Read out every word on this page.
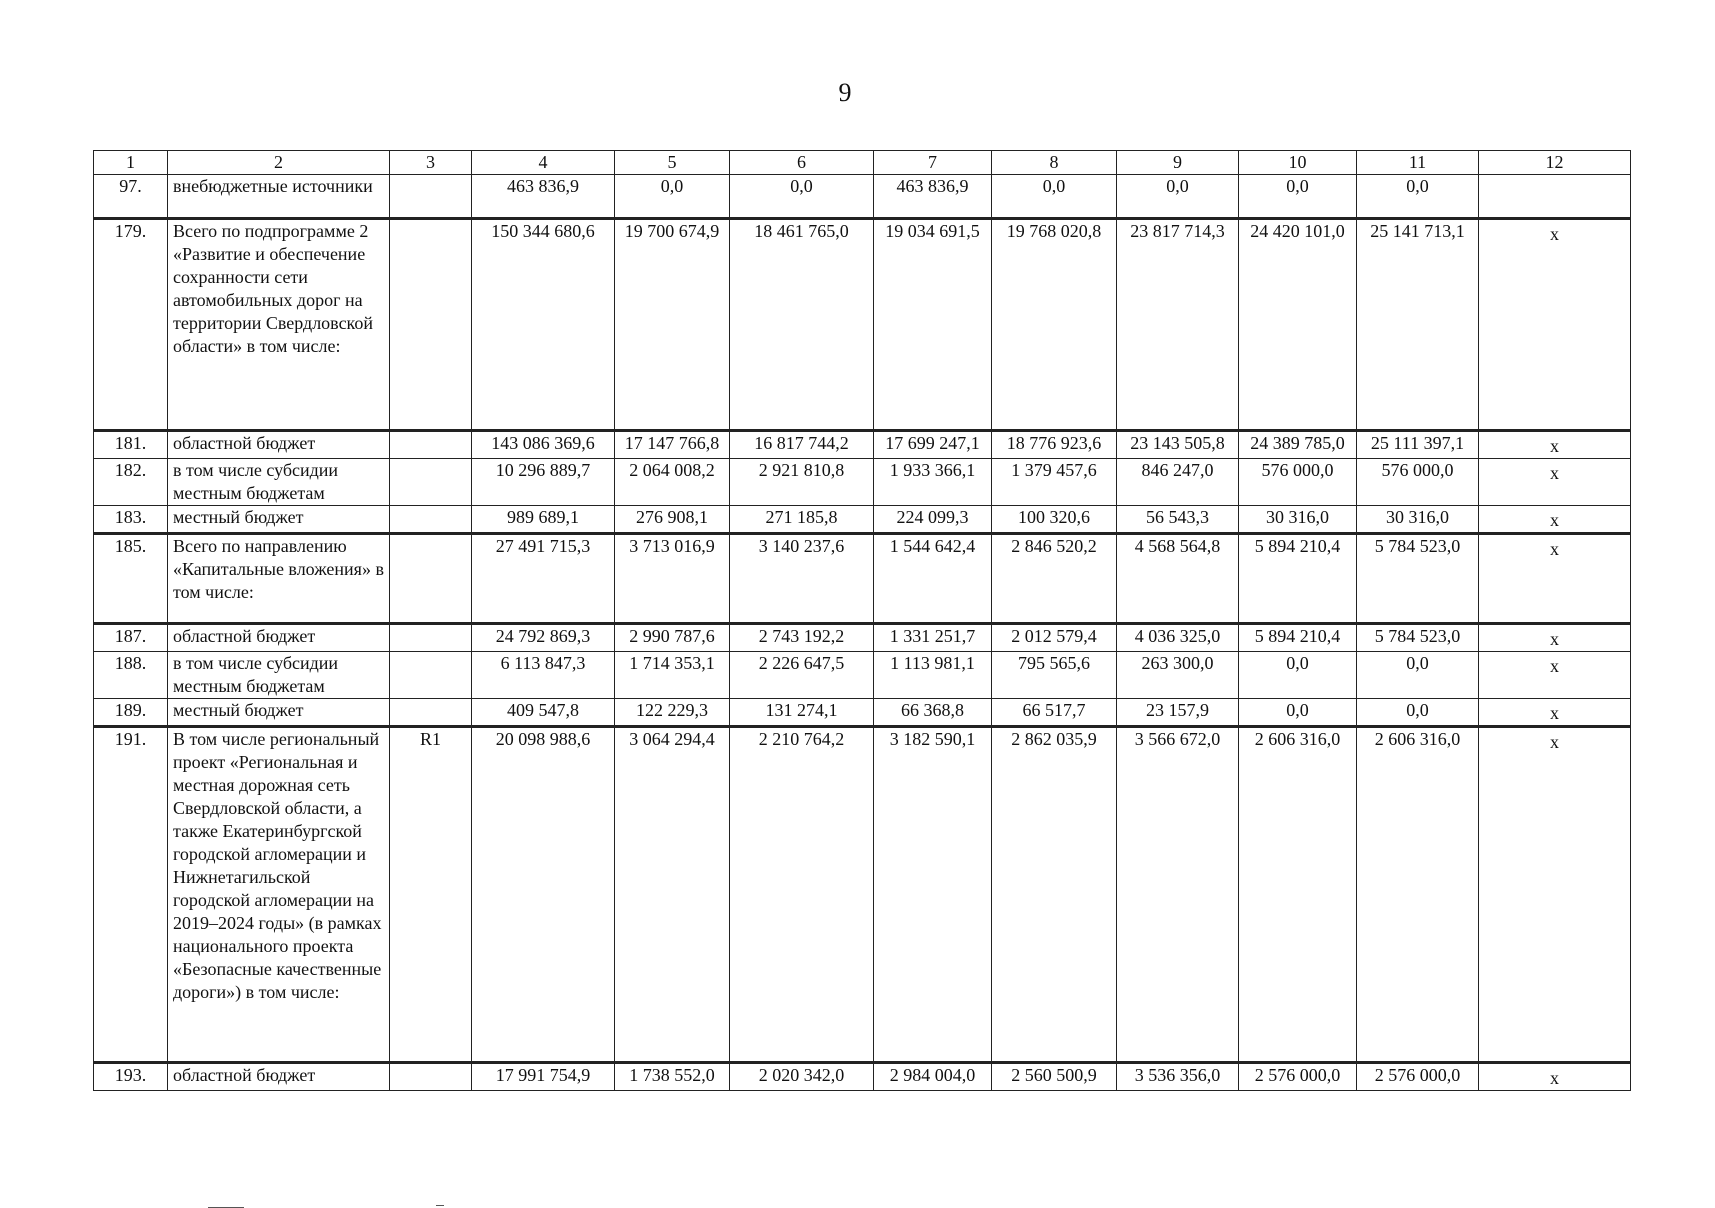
9
1	2	3	4	5	6	7	8	9	10	11	12
97.	внебюджетные источники		463 836,9	0,0	0,0	463 836,9	0,0	0,0	0,0	0,0	
179.	Всего по подпрограмме 2 «Развитие и обеспечение сохранности сети автомобильных дорог на территории Свердловской области» в том числе:		150 344 680,6	19 700 674,9	18 461 765,0	19 034 691,5	19 768 020,8	23 817 714,3	24 420 101,0	25 141 713,1	х
181.	областной бюджет		143 086 369,6	17 147 766,8	16 817 744,2	17 699 247,1	18 776 923,6	23 143 505,8	24 389 785,0	25 111 397,1	х
182.	в том числе субсидии местным бюджетам		10 296 889,7	2 064 008,2	2 921 810,8	1 933 366,1	1 379 457,6	846 247,0	576 000,0	576 000,0	х
183.	местный бюджет		989 689,1	276 908,1	271 185,8	224 099,3	100 320,6	56 543,3	30 316,0	30 316,0	х
185.	Всего по направлению «Капитальные вложения» в том числе:		27 491 715,3	3 713 016,9	3 140 237,6	1 544 642,4	2 846 520,2	4 568 564,8	5 894 210,4	5 784 523,0	х
187.	областной бюджет		24 792 869,3	2 990 787,6	2 743 192,2	1 331 251,7	2 012 579,4	4 036 325,0	5 894 210,4	5 784 523,0	х
188.	в том числе субсидии местным бюджетам		6 113 847,3	1 714 353,1	2 226 647,5	1 113 981,1	795 565,6	263 300,0	0,0	0,0	х
189.	местный бюджет		409 547,8	122 229,3	131 274,1	66 368,8	66 517,7	23 157,9	0,0	0,0	х
191.	В том числе региональный проект «Региональная и местная дорожная сеть Свердловской области, а также Екатеринбургской городской агломерации и Нижнетагильской городской агломерации на 2019–2024 годы» (в рамках национального проекта «Безопасные качественные дороги») в том числе:	R1	20 098 988,6	3 064 294,4	2 210 764,2	3 182 590,1	2 862 035,9	3 566 672,0	2 606 316,0	2 606 316,0	х
193.	областной бюджет		17 991 754,9	1 738 552,0	2 020 342,0	2 984 004,0	2 560 500,9	3 536 356,0	2 576 000,0	2 576 000,0	х
